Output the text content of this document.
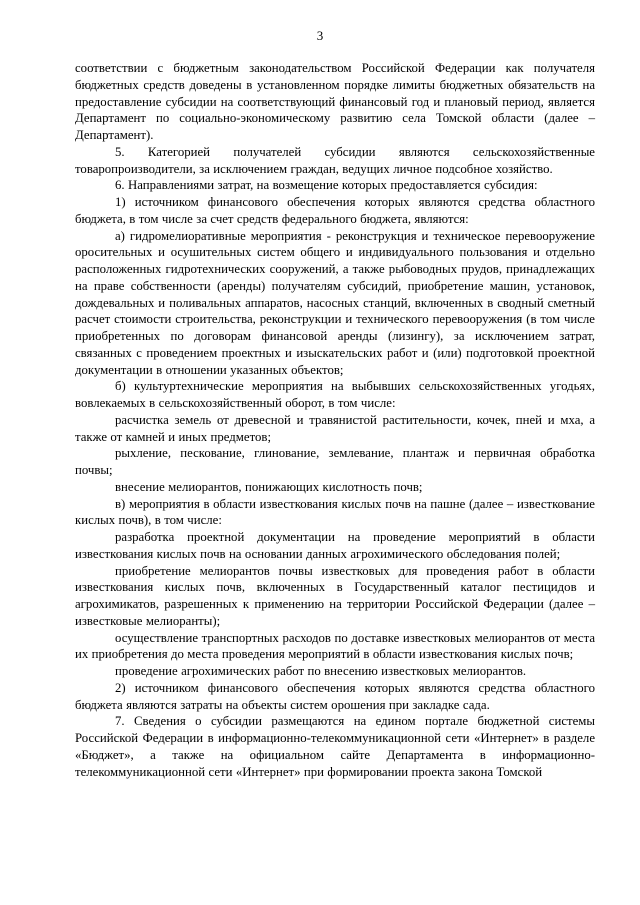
3

соответствии с бюджетным законодательством Российской Федерации как получателя бюджетных средств доведены в установленном порядке лимиты бюджетных обязательств на предоставление субсидии на соответствующий финансовый год и плановый период, является Департамент по социально-экономическому развитию села Томской области (далее – Департамент).

5. Категорией получателей субсидии являются сельскохозяйственные товаропроизводители, за исключением граждан, ведущих личное подсобное хозяйство.

6. Направлениями затрат, на возмещение которых предоставляется субсидия:

1) источником финансового обеспечения которых являются средства областного бюджета, в том числе за счет средств федерального бюджета, являются:

а) гидромелиоративные мероприятия - реконструкция и техническое перевооружение оросительных и осушительных систем общего и индивидуального пользования и отдельно расположенных гидротехнических сооружений, а также рыбоводных прудов, принадлежащих на праве собственности (аренды) получателям субсидий, приобретение машин, установок, дождевальных и поливальных аппаратов, насосных станций, включенных в сводный сметный расчет стоимости строительства, реконструкции и технического перевооружения (в том числе приобретенных по договорам финансовой аренды (лизингу), за исключением затрат, связанных с проведением проектных и изыскательских работ и (или) подготовкой проектной документации в отношении указанных объектов;

б) культуртехнические мероприятия на выбывших сельскохозяйственных угодьях, вовлекаемых в сельскохозяйственный оборот, в том числе:

расчистка земель от древесной и травянистой растительности, кочек, пней и мха, а также от камней и иных предметов;

рыхление, пескование, глинование, землевание, плантаж и первичная обработка почвы;

внесение мелиорантов, понижающих кислотность почв;

в) мероприятия в области известкования кислых почв на пашне (далее – известкование кислых почв), в том числе:

разработка проектной документации на проведение мероприятий в области известкования кислых почв на основании данных агрохимического обследования полей;

приобретение мелиорантов почвы известковых для проведения работ в области известкования кислых почв, включенных в Государственный каталог пестицидов и агрохимикатов, разрешенных к применению на территории Российской Федерации (далее – известковые мелиоранты);

осуществление транспортных расходов по доставке известковых мелиорантов от места их приобретения до места проведения мероприятий в области известкования кислых почв;

проведение агрохимических работ по внесению известковых мелиорантов.

2) источником финансового обеспечения которых являются средства областного бюджета являются затраты на объекты систем орошения при закладке сада.

7. Сведения о субсидии размещаются на едином портале бюджетной системы Российской Федерации в информационно-телекоммуникационной сети «Интернет» в разделе «Бюджет», а также на официальном сайте Департамента в информационно-телекоммуникационной сети «Интернет» при формировании проекта закона Томской
